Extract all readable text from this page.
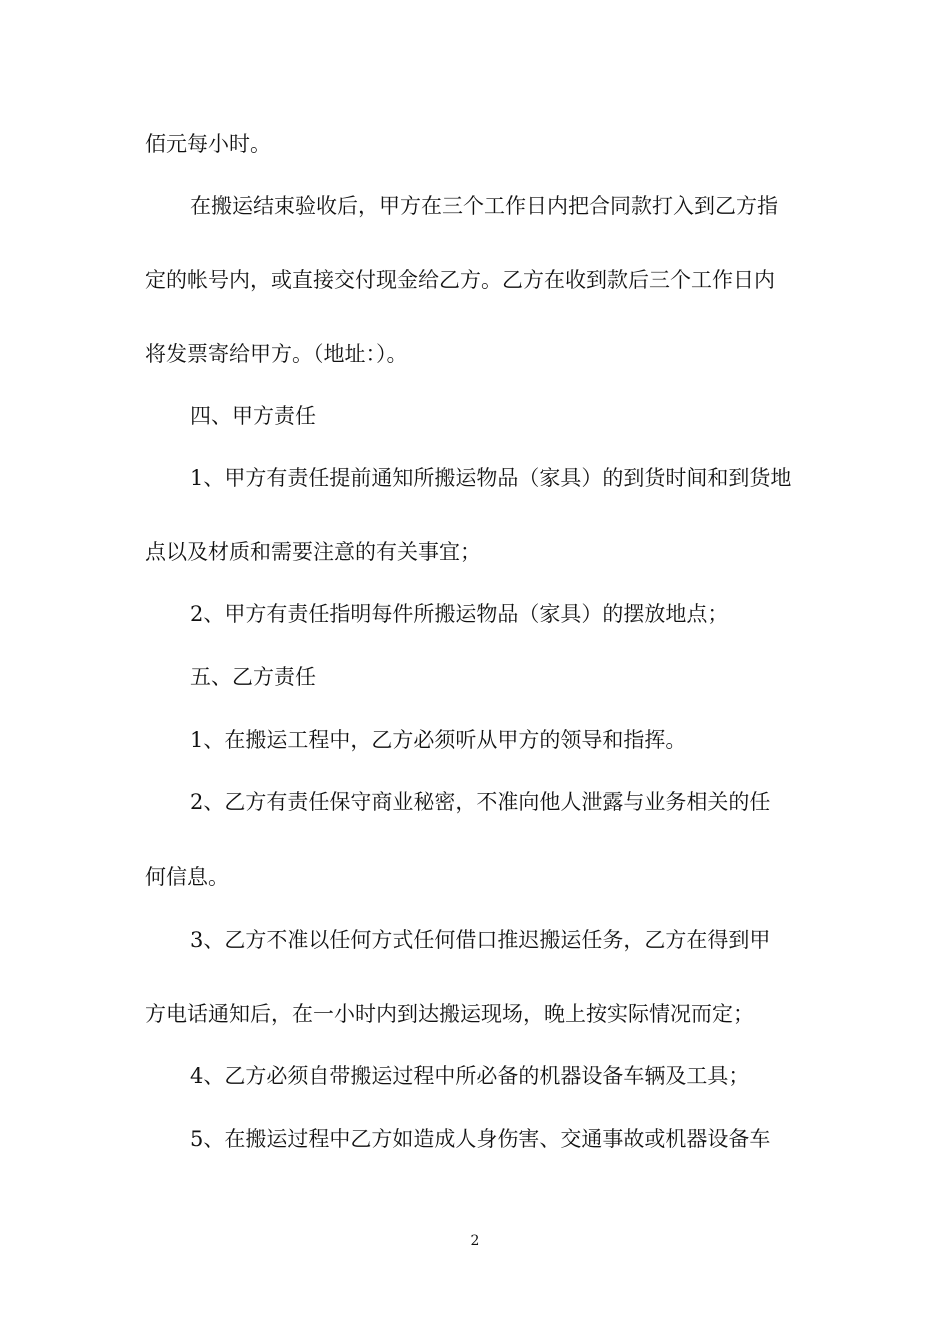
佰元每小时。

在搬运结束验收后，甲方在三个工作日内把合同款打入到乙方指

定的帐号内，或直接交付现金给乙方。乙方在收到款后三个工作日内

将发票寄给甲方。（地址：）。

四、甲方责任

1、甲方有责任提前通知所搬运物品（家具）的到货时间和到货地

点以及材质和需要注意的有关事宜；

2、甲方有责任指明每件所搬运物品（家具）的摆放地点；

五、乙方责任

1、在搬运工程中，乙方必须听从甲方的领导和指挥。

2、乙方有责任保守商业秘密，不准向他人泄露与业务相关的任

何信息。

3、乙方不准以任何方式任何借口推迟搬运任务，乙方在得到甲

方电话通知后，在一小时内到达搬运现场，晚上按实际情况而定；

4、乙方必须自带搬运过程中所必备的机器设备车辆及工具；

5、在搬运过程中乙方如造成人身伤害、交通事故或机器设备车

2
